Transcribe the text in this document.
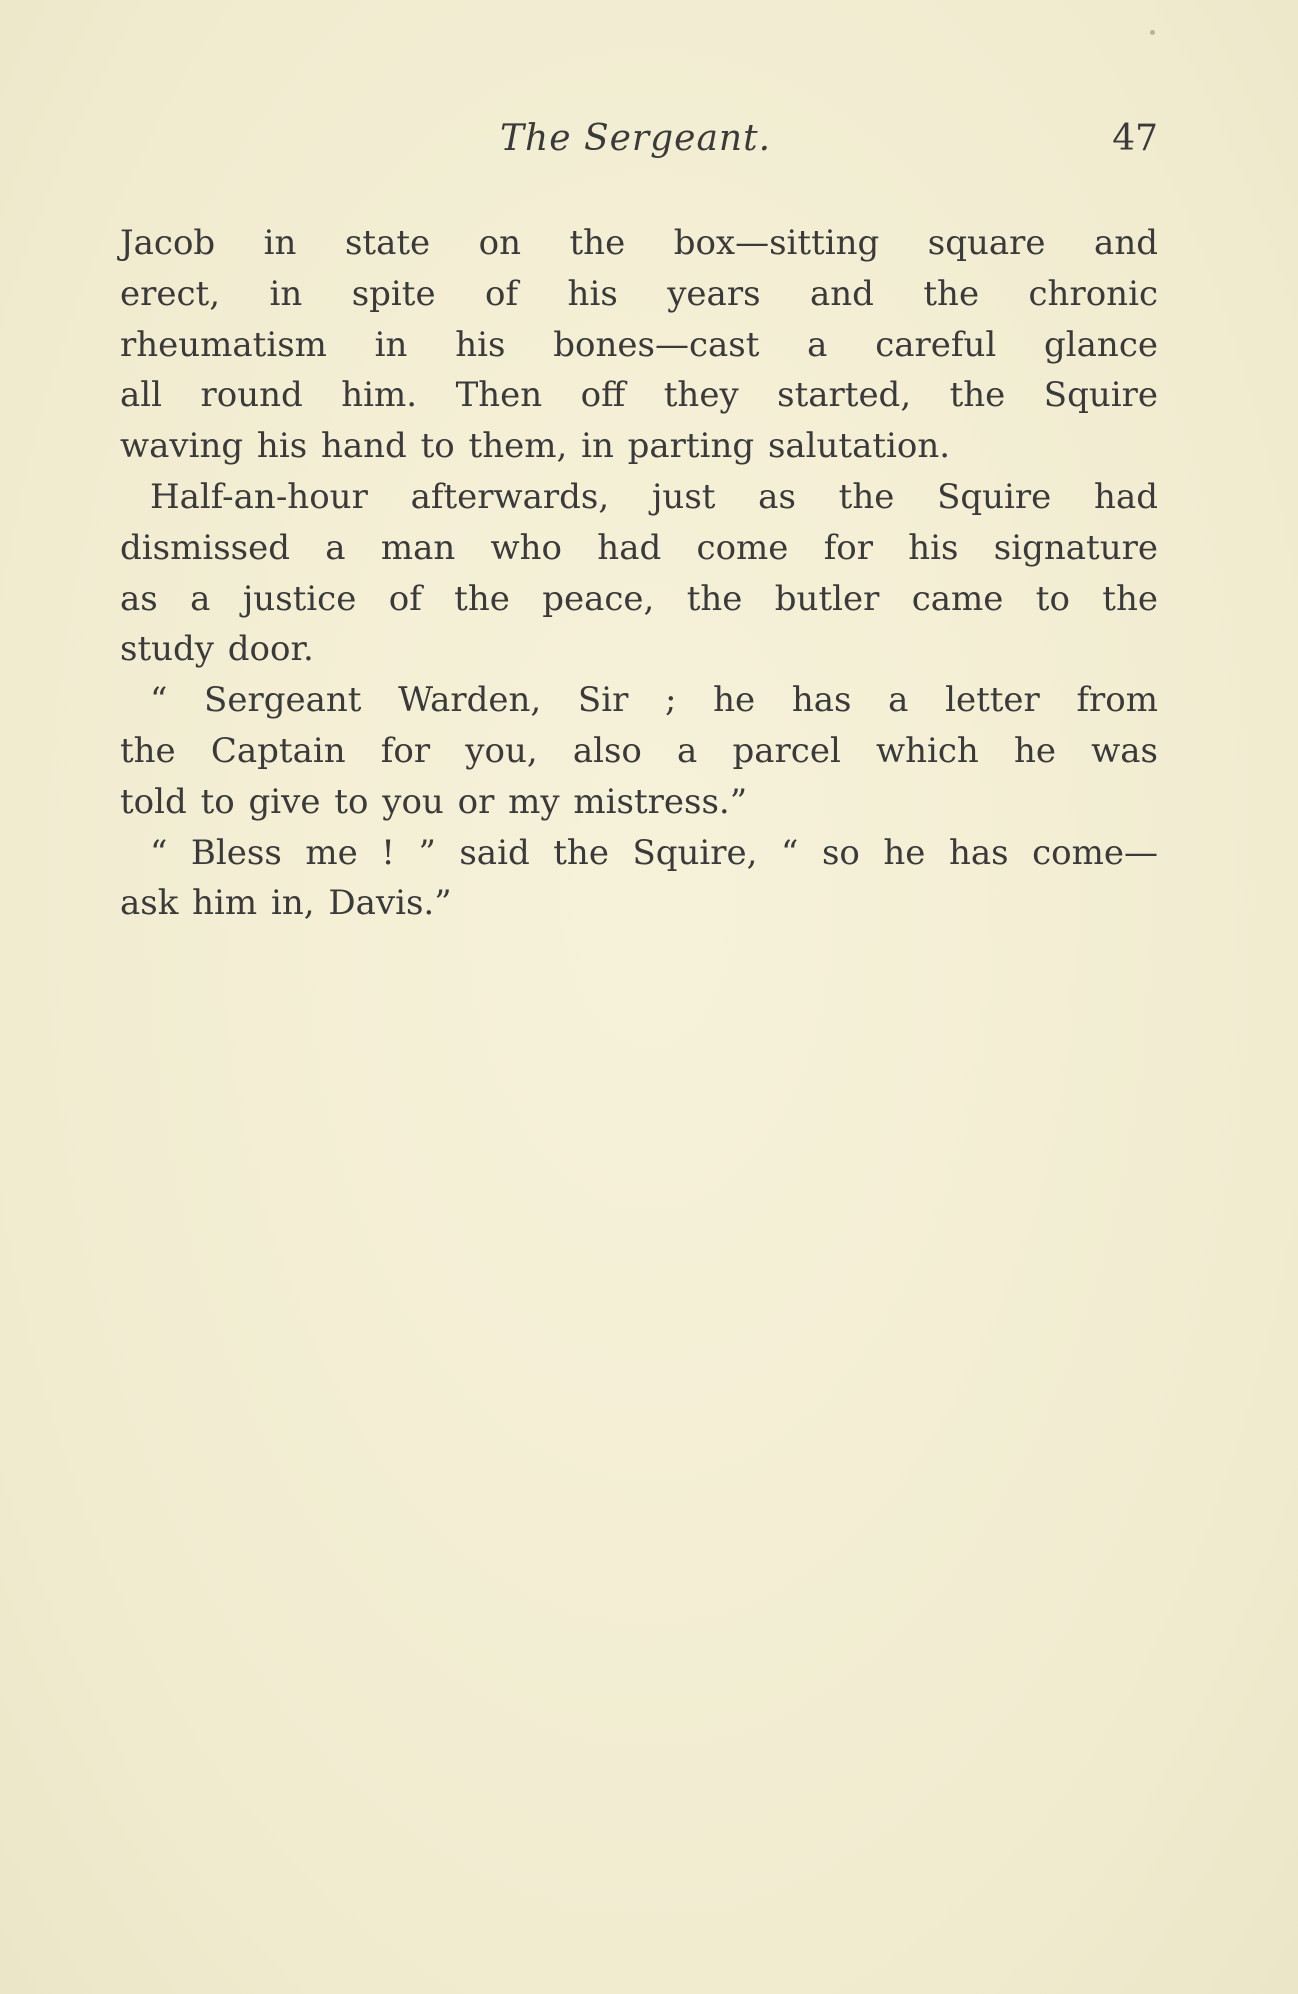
The Sergeant.	47
Jacob in state on the box—sitting square and
erect, in spite of his years and the chronic
rheumatism in his bones—cast a careful glance
all round him. Then off they started, the Squire
waving his hand to them, in parting salutation.
Half-an-hour afterwards, just as the Squire had
dismissed a man who had come for his signature
as a justice of the peace, the butler came to the
study door.
“ Sergeant Warden, Sir ; he has a letter from
the Captain for you, also a parcel which he was
told to give to you or my mistress.”
“ Bless me ! ” said the Squire, “ so he has come—
ask him in, Davis.”
